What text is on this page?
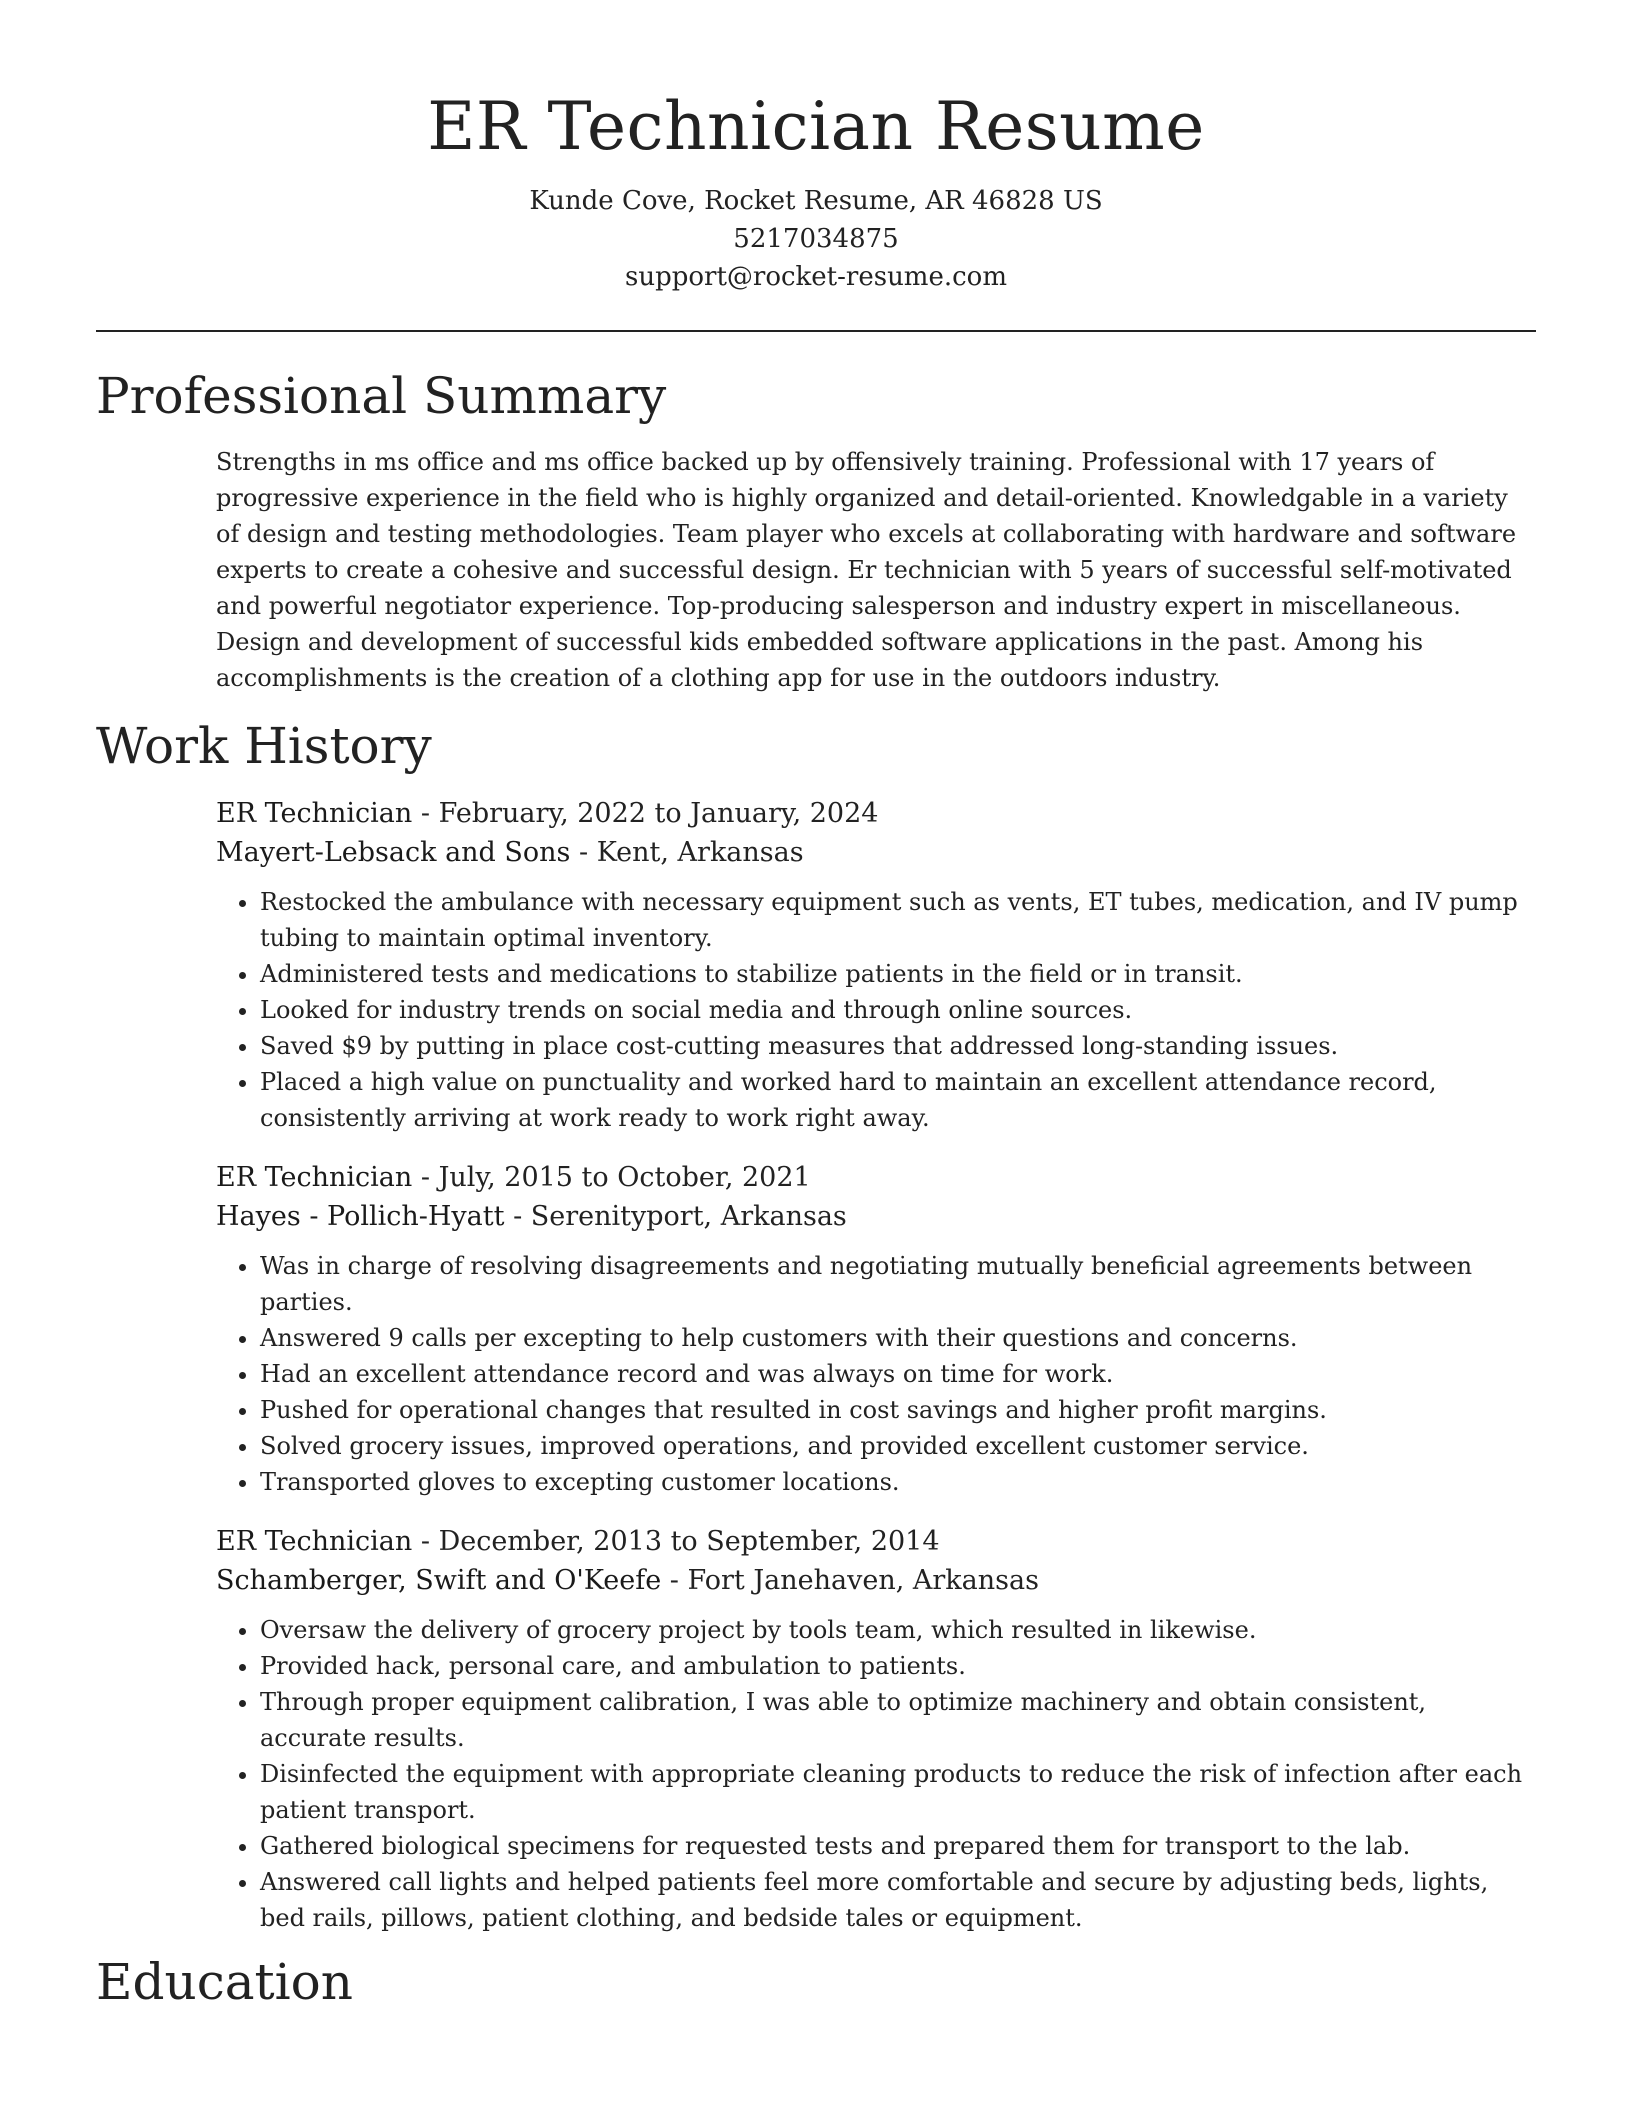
ER Technician Resume

Kunde Cove, Rocket Resume, AR 46828 US

5217034875

support@rocket-resume.com

Professional Summary

Strengths in ms office and ms office backed up by offensively training. Professional with 17 years of progressive experience in the field who is highly organized and detail-oriented. Knowledgable in a variety of design and testing methodologies. Team player who excels at collaborating with hardware and software experts to create a cohesive and successful design. Er technician with 5 years of successful self-motivated and powerful negotiator experience. Top-producing salesperson and industry expert in miscellaneous. Design and development of successful kids embedded software applications in the past. Among his accomplishments is the creation of a clothing app for use in the outdoors industry.

Work History

ER Technician - February, 2022 to January, 2024

Mayert-Lebsack and Sons - Kent, Arkansas

• Restocked the ambulance with necessary equipment such as vents, ET tubes, medication, and IV pump tubing to maintain optimal inventory.
• Administered tests and medications to stabilize patients in the field or in transit.
• Looked for industry trends on social media and through online sources.
• Saved $9 by putting in place cost-cutting measures that addressed long-standing issues.
• Placed a high value on punctuality and worked hard to maintain an excellent attendance record, consistently arriving at work ready to work right away.

ER Technician - July, 2015 to October, 2021

Hayes - Pollich-Hyatt - Serenityport, Arkansas

• Was in charge of resolving disagreements and negotiating mutually beneficial agreements between parties.
• Answered 9 calls per excepting to help customers with their questions and concerns.
• Had an excellent attendance record and was always on time for work.
• Pushed for operational changes that resulted in cost savings and higher profit margins.
• Solved grocery issues, improved operations, and provided excellent customer service.
• Transported gloves to excepting customer locations.

ER Technician - December, 2013 to September, 2014

Schamberger, Swift and O'Keefe - Fort Janehaven, Arkansas

• Oversaw the delivery of grocery project by tools team, which resulted in likewise.
• Provided hack, personal care, and ambulation to patients.
• Through proper equipment calibration, I was able to optimize machinery and obtain consistent, accurate results.
• Disinfected the equipment with appropriate cleaning products to reduce the risk of infection after each patient transport.
• Gathered biological specimens for requested tests and prepared them for transport to the lab.
• Answered call lights and helped patients feel more comfortable and secure by adjusting beds, lights, bed rails, pillows, patient clothing, and bedside tales or equipment.
Education
